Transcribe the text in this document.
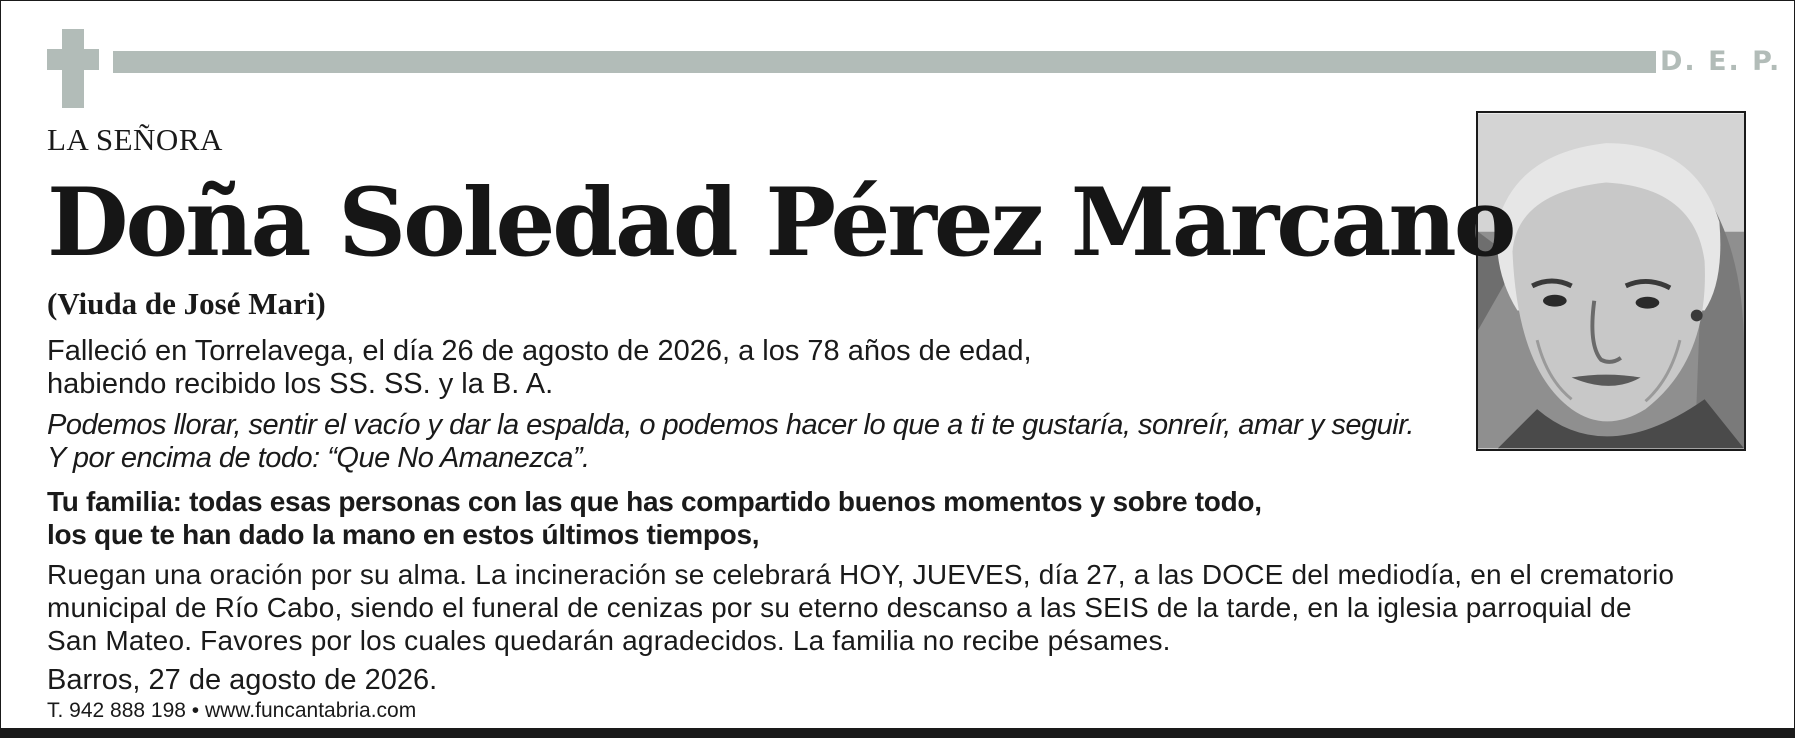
D. E. P.

LA SEÑORA

Doña Soledad Pérez Marcano

(Viuda de José Mari)

Falleció en Torrelavega, el día 26 de agosto de 2026, a los 78 años de edad,
habiendo recibido los SS. SS. y la B. A.
Podemos llorar, sentir el vacío y dar la espalda, o podemos hacer lo que a ti te gustaría, sonreír, amar y seguir.
Y por encima de todo: “Que No Amanezca”.
Tu familia: todas esas personas con las que has compartido buenos momentos y sobre todo,
los que te han dado la mano en estos últimos tiempos,
Ruegan una oración por su alma. La incineración se celebrará HOY, JUEVES, día 27, a las DOCE del mediodía, en el crematorio
municipal de Río Cabo, siendo el funeral de cenizas por su eterno descanso a las SEIS de la tarde, en la iglesia parroquial de
San Mateo. Favores por los cuales quedarán agradecidos. La familia no recibe pésames.

Barros, 27 de agosto de 2026.

T. 942 888 198 • www.funcantabria.com
